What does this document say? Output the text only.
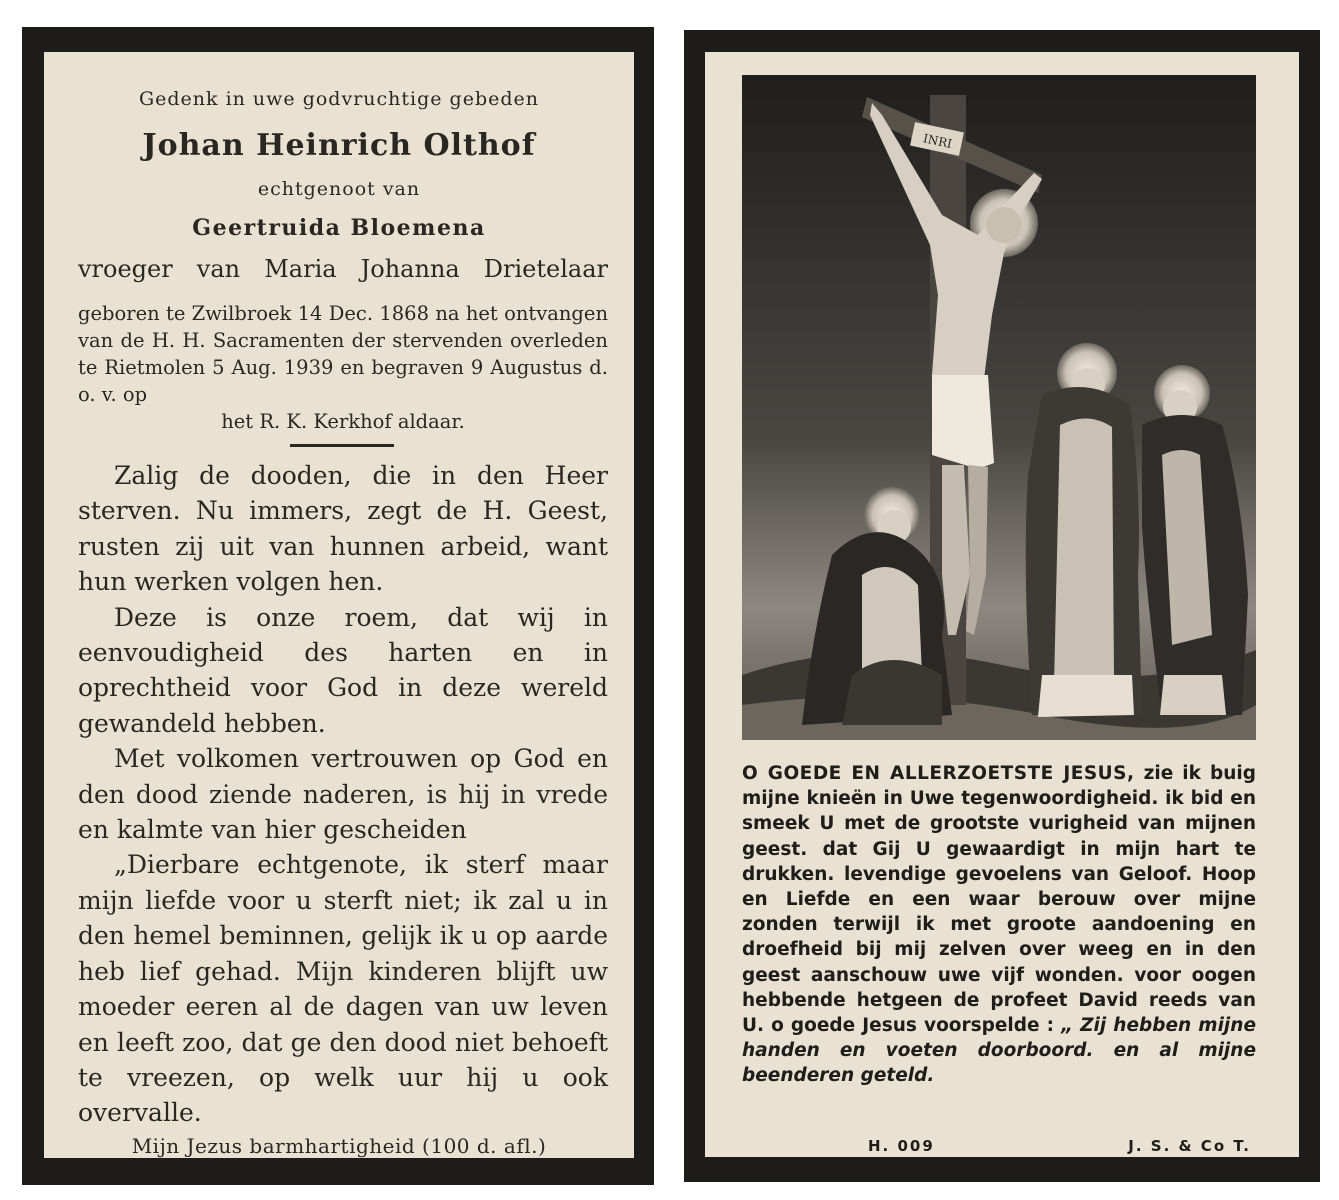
Gedenk in uwe godvruchtige gebeden
Johan Heinrich Olthof
echtgenoot van
Geertruida Bloemena
vroeger van Maria Johanna Drietelaar
geboren te Zwilbroek 14 Dec. 1868 na het ontvangen van de H. H. Sacramenten der stervenden overleden te Rietmolen 5 Aug. 1939 en begraven 9 Augustus d. o. v. op
het R. K. Kerkhof aldaar.

Zalig de dooden, die in den Heer sterven. Nu immers, zegt de H. Geest, rusten zij uit van hunnen arbeid, want hun werken volgen hen.

Deze is onze roem, dat wij in eenvoudigheid des harten en in oprechtheid voor God in deze wereld gewandeld hebben.

Met volkomen vertrouwen op God en den dood ziende naderen, is hij in vrede en kalmte van hier gescheiden

„Dierbare echtgenote, ik sterf maar mijn liefde voor u sterft niet; ik zal u in den hemel beminnen, gelijk ik u op aarde heb lief gehad. Mijn kinderen blijft uw moeder eeren al de dagen van uw leven en leeft zoo, dat ge den dood niet behoeft te vreezen, op welk uur hij u ook overvalle.

Mijn Jezus barmhartigheid (100 d. afl.)
INRI
O GOEDE EN ALLERZOETSTE JESUS, zie ik buig mijne knieën in Uwe tegenwoordigheid. ik bid en smeek U met de grootste vurigheid van mijnen geest. dat Gij U gewaardigt in mijn hart te drukken. levendige gevoelens van Geloof. Hoop en Liefde en een waar berouw over mijne zonden terwijl ik met groote aandoening en droefheid bij mij zelven over weeg en in den geest aanschouw uwe vijf wonden. voor oogen hebbende hetgeen de profeet David reeds van U. o goede Jesus voorspelde : „ Zij hebben mijne handen en voeten doorboord. en al mijne beenderen geteld.
H. 009	J. S. & Co T.
